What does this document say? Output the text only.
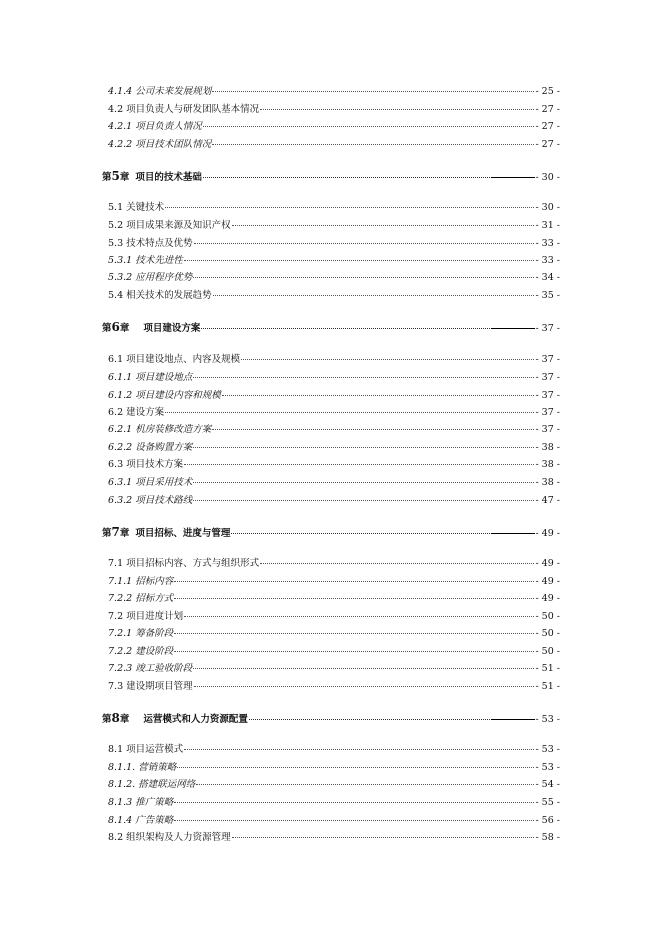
4.1.4 公司未来发展规划	- 25 -
4.2 项目负责人与研发团队基本情况	- 27 -
4.2.1 项目负责人情况	- 27 -
4.2.2 项目技术团队情况	- 27 -
第5章 项目的技术基础	- 30 -
5.1 关键技术	- 30 -
5.2 项目成果来源及知识产权	- 31 -
5.3 技术特点及优势	- 33 -
5.3.1 技术先进性	- 33 -
5.3.2 应用程序优势	- 34 -
5.4 相关技术的发展趋势	- 35 -
第6章 项目建设方案	- 37 -
6.1 项目建设地点、内容及规模	- 37 -
6.1.1 项目建设地点	- 37 -
6.1.2 项目建设内容和规模	- 37 -
6.2 建设方案	- 37 -
6.2.1 机房装修改造方案	- 37 -
6.2.2 设备购置方案	- 38 -
6.3 项目技术方案	- 38 -
6.3.1 项目采用技术	- 38 -
6.3.2 项目技术路线	- 47 -
第7章 项目招标、进度与管理	- 49 -
7.1 项目招标内容、方式与组织形式	- 49 -
7.1.1 招标内容	- 49 -
7.2.2 招标方式	- 49 -
7.2 项目进度计划	- 50 -
7.2.1 筹备阶段	- 50 -
7.2.2 建设阶段	- 50 -
7.2.3 竣工验收阶段	- 51 -
7.3 建设期项目管理	- 51 -
第8章 运营模式和人力资源配置	- 53 -
8.1 项目运营模式	- 53 -
8.1.1. 营销策略	- 53 -
8.1.2. 搭建联运网络	- 54 -
8.1.3 推广策略	- 55 -
8.1.4 广告策略	- 56 -
8.2 组织架构及人力资源管理	- 58 -
